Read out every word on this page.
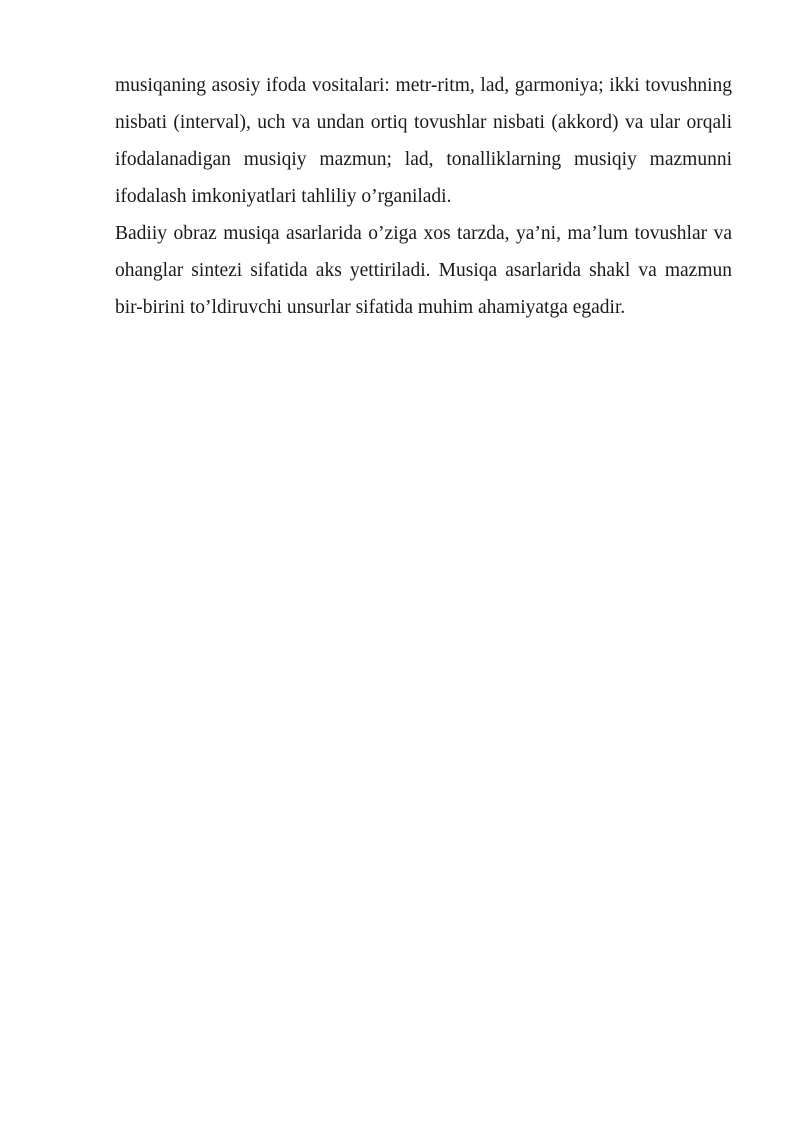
musiqaning asosiy ifoda vositalari: metr-ritm, lad, garmoniya; ikki tovushning nisbati (interval), uch va undan ortiq tovushlar nisbati (akkord) va ular orqali ifodalanadigan musiqiy mazmun; lad, tonalliklarning musiqiy mazmunni ifodalash imkoniyatlari tahliliy o’rganiladi.

Badiiy obraz musiqa asarlarida o’ziga xos tarzda, ya’ni, ma’lum tovushlar va ohanglar sintezi sifatida aks yettiriladi. Musiqa asarlarida shakl va mazmun bir-birini to’ldiruvchi unsurlar sifatida muhim ahamiyatga egadir.
